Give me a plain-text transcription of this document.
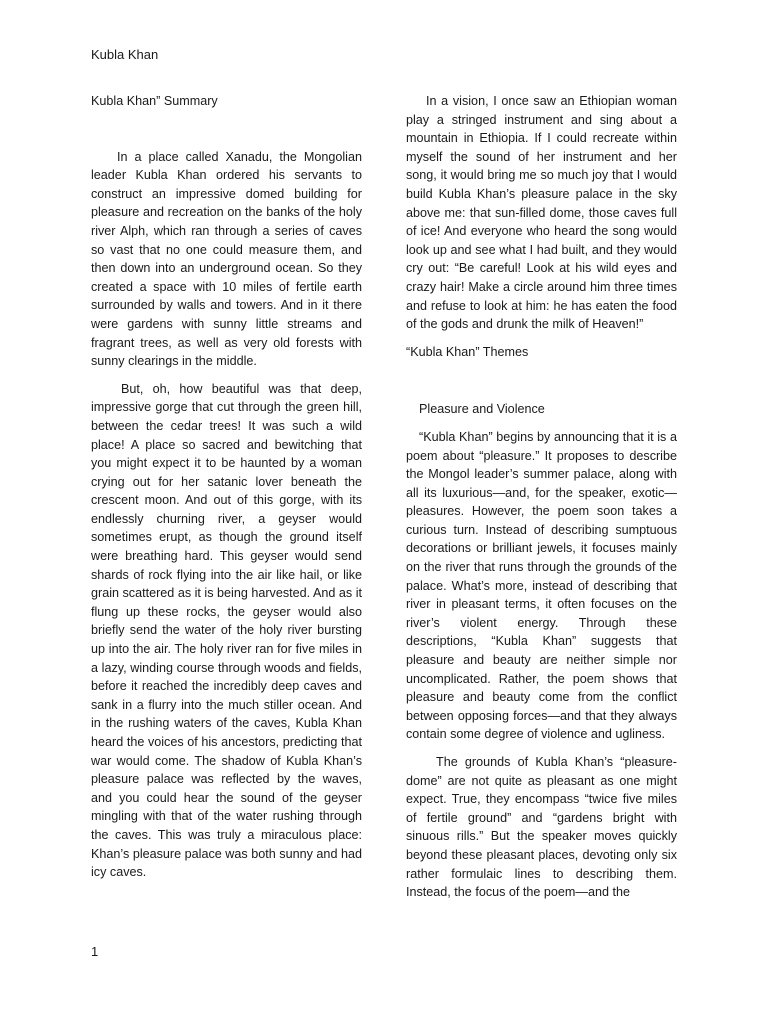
Kubla Khan

Kubla Khan” Summary

In a place called Xanadu, the Mongolian leader Kubla Khan ordered his servants to construct an impressive domed building for pleasure and recreation on the banks of the holy river Alph, which ran through a series of caves so vast that no one could measure them, and then down into an underground ocean. So they created a space with 10 miles of fertile earth surrounded by walls and towers. And in it there were gardens with sunny little streams and fragrant trees, as well as very old forests with sunny clearings in the middle.

But, oh, how beautiful was that deep, impressive gorge that cut through the green hill, between the cedar trees! It was such a wild place! A place so sacred and bewitching that you might expect it to be haunted by a woman crying out for her satanic lover beneath the crescent moon. And out of this gorge, with its endlessly churning river, a geyser would sometimes erupt, as though the ground itself were breathing hard. This geyser would send shards of rock flying into the air like hail, or like grain scattered as it is being harvested. And as it flung up these rocks, the geyser would also briefly send the water of the holy river bursting up into the air. The holy river ran for five miles in a lazy, winding course through woods and fields, before it reached the incredibly deep caves and sank in a flurry into the much stiller ocean. And in the rushing waters of the caves, Kubla Khan heard the voices of his ancestors, predicting that war would come. The shadow of Kubla Khan’s pleasure palace was reflected by the waves, and you could hear the sound of the geyser mingling with that of the water rushing through the caves. This was truly a miraculous place: Khan’s pleasure palace was both sunny and had icy caves.

In a vision, I once saw an Ethiopian woman play a stringed instrument and sing about a mountain in Ethiopia. If I could recreate within myself the sound of her instrument and her song, it would bring me so much joy that I would build Kubla Khan’s pleasure palace in the sky above me: that sun-filled dome, those caves full of ice! And everyone who heard the song would look up and see what I had built, and they would cry out: “Be careful! Look at his wild eyes and crazy hair! Make a circle around him three times and refuse to look at him: he has eaten the food of the gods and drunk the milk of Heaven!”

“Kubla Khan” Themes

Pleasure and Violence

“Kubla Khan” begins by announcing that it is a poem about “pleasure.” It proposes to describe the Mongol leader’s summer palace, along with all its luxurious—and, for the speaker, exotic—pleasures. However, the poem soon takes a curious turn. Instead of describing sumptuous decorations or brilliant jewels, it focuses mainly on the river that runs through the grounds of the palace. What’s more, instead of describing that river in pleasant terms, it often focuses on the river’s violent energy. Through these descriptions, “Kubla Khan” suggests that pleasure and beauty are neither simple nor uncomplicated. Rather, the poem shows that pleasure and beauty come from the conflict between opposing forces—and that they always contain some degree of violence and ugliness.

The grounds of Kubla Khan’s “pleasure-dome” are not quite as pleasant as one might expect. True, they encompass “twice five miles of fertile ground” and “gardens bright with sinuous rills.” But the speaker moves quickly beyond these pleasant places, devoting only six rather formulaic lines to describing them. Instead, the focus of the poem—and the

1
